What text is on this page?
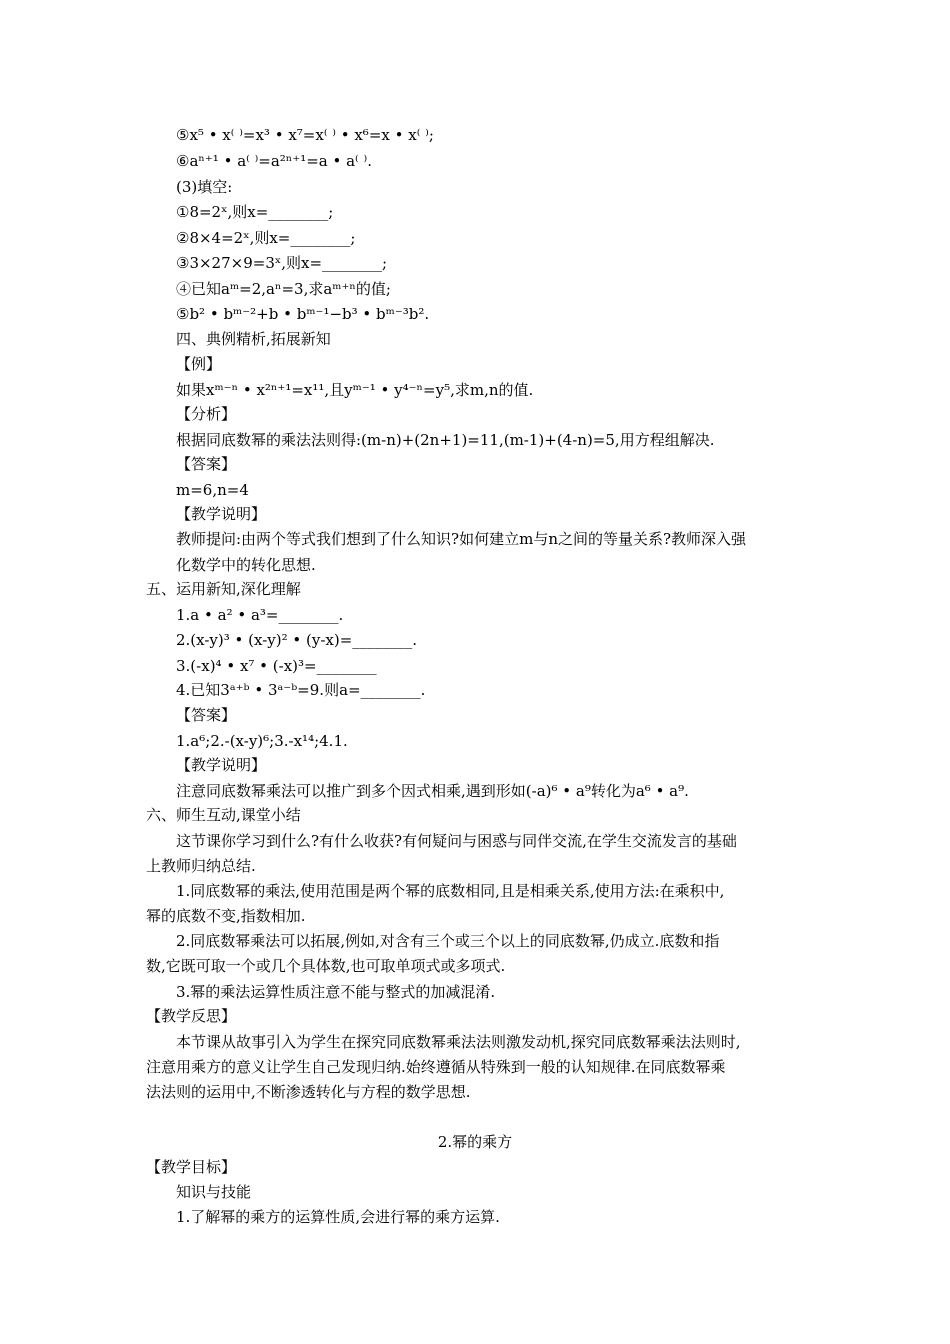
⑤x⁵ • x⁽ ⁾=x³ • x⁷=x⁽ ⁾ • x⁶=x • x⁽ ⁾;
⑥aⁿ⁺¹ • a⁽ ⁾=a²ⁿ⁺¹=a • a⁽ ⁾.
(3)填空:
①8=2ˣ,则x=________;
②8×4=2ˣ,则x=________;
③3×27×9=3ˣ,则x=________;
④已知aᵐ=2,aⁿ=3,求aᵐ⁺ⁿ的值;
⑤b² • bᵐ⁻²+b • bᵐ⁻¹−b³ • bᵐ⁻³b².
四、典例精析,拓展新知
【例】
如果xᵐ⁻ⁿ • x²ⁿ⁺¹=x¹¹,且yᵐ⁻¹ • y⁴⁻ⁿ=y⁵,求m,n的值.
【分析】
根据同底数幂的乘法法则得:(m-n)+(2n+1)=11,(m-1)+(4-n)=5,用方程组解决.
【答案】
m=6,n=4
【教学说明】
教师提问:由两个等式我们想到了什么知识?如何建立m与n之间的等量关系?教师深入强
化数学中的转化思想.
五、运用新知,深化理解
1.a • a² • a³=________.
2.(x-y)³ • (x-y)² • (y-x)=________.
3.(-x)⁴ • x⁷ • (-x)³=________
4.已知3ᵃ⁺ᵇ • 3ᵃ⁻ᵇ=9.则a=________.
【答案】
1.a⁶;2.-(x-y)⁶;3.-x¹⁴;4.1.
【教学说明】
注意同底数幂乘法可以推广到多个因式相乘,遇到形如(-a)⁶ • a⁹转化为a⁶ • a⁹.
六、师生互动,课堂小结
这节课你学习到什么?有什么收获?有何疑问与困惑与同伴交流,在学生交流发言的基础
上教师归纳总结.
1.同底数幂的乘法,使用范围是两个幂的底数相同,且是相乘关系,使用方法:在乘积中,
幂的底数不变,指数相加.
2.同底数幂乘法可以拓展,例如,对含有三个或三个以上的同底数幂,仍成立.底数和指
数,它既可取一个或几个具体数,也可取单项式或多项式.
3.幂的乘法运算性质注意不能与整式的加减混淆.
【教学反思】
本节课从故事引入为学生在探究同底数幂乘法法则激发动机,探究同底数幂乘法法则时,
注意用乘方的意义让学生自己发现归纳.始终遵循从特殊到一般的认知规律.在同底数幂乘
法法则的运用中,不断渗透转化与方程的数学思想.
2.幂的乘方
【教学目标】
知识与技能
1.了解幂的乘方的运算性质,会进行幂的乘方运算.
